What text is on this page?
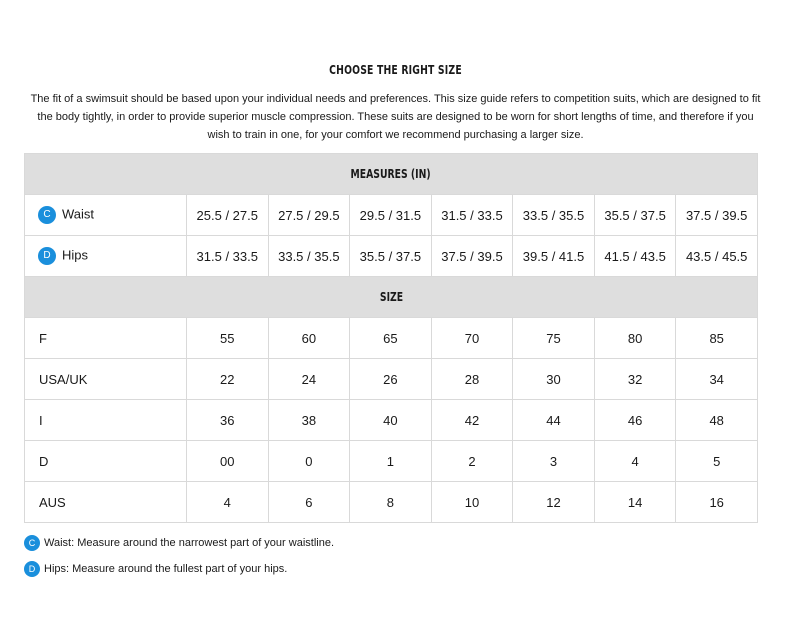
CHOOSE THE RIGHT SIZE
The fit of a swimsuit should be based upon your individual needs and preferences. This size guide refers to competition suits, which are designed to fit the body tightly, in order to provide superior muscle compression. These suits are designed to be worn for short lengths of time, and therefore if you wish to train in one, for your comfort we recommend purchasing a larger size.
MEASURES (IN)							
C Waist	25.5 / 27.5	27.5 / 29.5	29.5 / 31.5	31.5 / 33.5	33.5 / 35.5	35.5 / 37.5	37.5 / 39.5
D Hips	31.5 / 33.5	33.5 / 35.5	35.5 / 37.5	37.5 / 39.5	39.5 / 41.5	41.5 / 43.5	43.5 / 45.5
SIZE							
F	55	60	65	70	75	80	85
USA/UK	22	24	26	28	30	32	34
I	36	38	40	42	44	46	48
D	00	0	1	2	3	4	5
AUS	4	6	8	10	12	14	16
C Waist: Measure around the narrowest part of your waistline.
D Hips: Measure around the fullest part of your hips.
